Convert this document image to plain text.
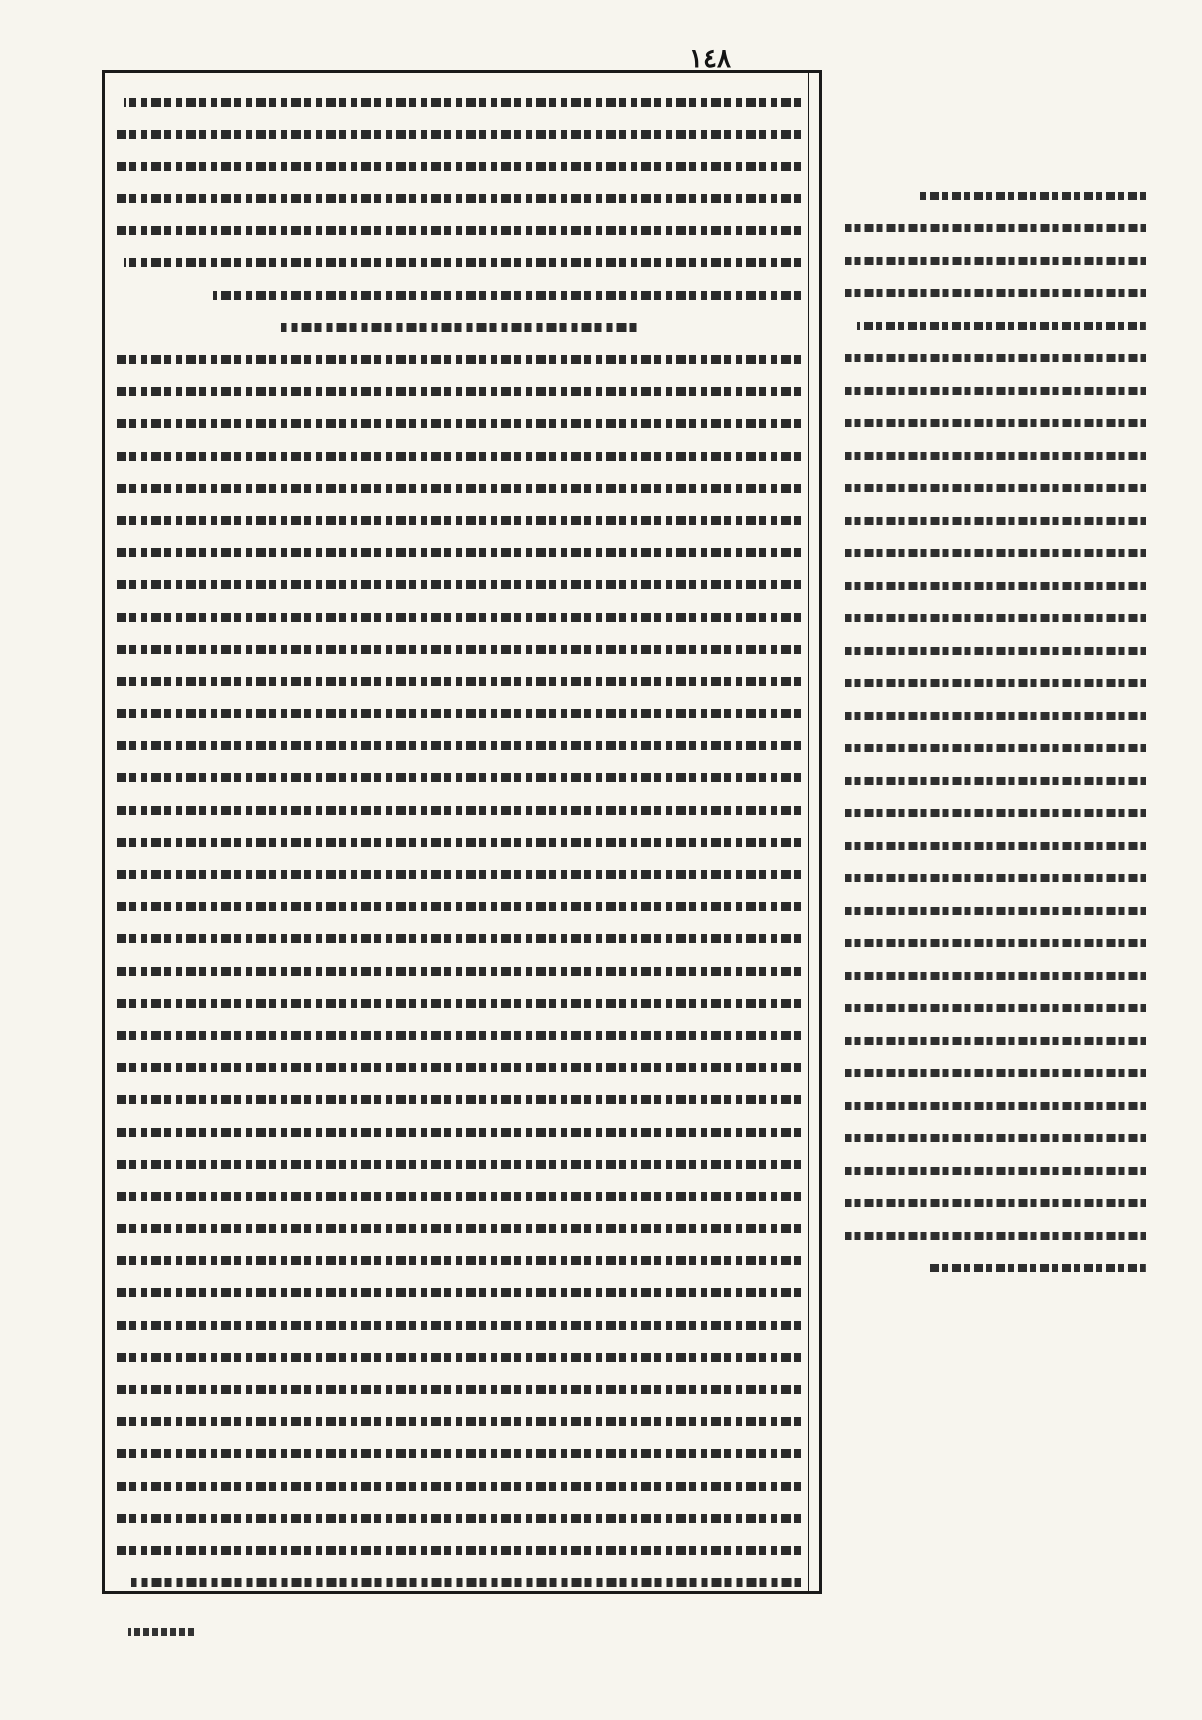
١٤٨
